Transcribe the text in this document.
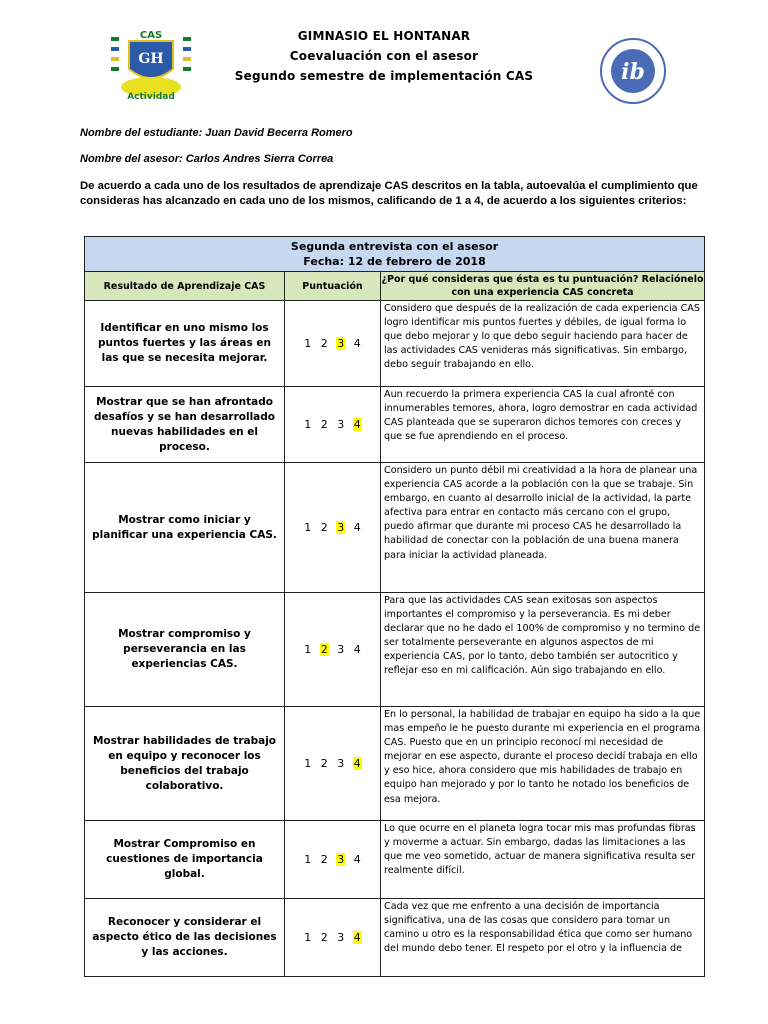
GIMNASIO EL HONTANAR
Coevaluación con el asesor
Segundo semestre de implementación CAS
CAS
GH
Actividad
ib
Nombre del estudiante: Juan David Becerra Romero
Nombre del asesor: Carlos Andres Sierra Correa
De acuerdo a cada uno de los resultados de aprendizaje CAS descritos en la tabla, autoevalúa el cumplimiento que consideras has alcanzado en cada uno de los mismos, calificando de 1 a 4, de acuerdo a los siguientes criterios:
Segunda entrevista con el asesor
Fecha: 12 de febrero de 2018		

Resultado de Aprendizaje CAS	Puntuación	¿Por qué consideras que ésta es tu puntuación? Relaciónelo con una experiencia CAS concreta
Identificar en uno mismo los puntos fuertes y las áreas en las que se necesita mejorar.	1 2 3 4	Considero que después de la realización de cada experiencia CAS logro identificar mis puntos fuertes y débiles, de igual forma lo que debo mejorar y lo que debo seguir haciendo para hacer de las actividades CAS venideras más significativas. Sin embargo, debo seguir trabajando en ello.
Mostrar que se han afrontado desafíos y se han desarrollado nuevas habilidades en el proceso.	1 2 3 4	Aun recuerdo la primera experiencia CAS la cual afronté con innumerables temores, ahora, logro demostrar en cada actividad CAS planteada que se superaron dichos temores con creces y que se fue aprendiendo en el proceso.
Mostrar como iniciar y planificar una experiencia CAS.	1 2 3 4	Considero un punto débil mi creatividad a la hora de planear una experiencia CAS acorde a la población con la que se trabaje. Sin embargo, en cuanto al desarrollo inicial de la actividad, la parte afectiva para entrar en contacto más cercano con el grupo, puedo afirmar que durante mi proceso CAS he desarrollado la habilidad de conectar con la población de una buena manera para iniciar la actividad planeada.
Mostrar compromiso y perseverancia en las experiencias CAS.	1 2 3 4	Para que las actividades CAS sean exitosas son aspectos importantes el compromiso y la perseverancia. Es mi deber declarar que no he dado el 100% de compromiso y no termino de ser totalmente perseverante en algunos aspectos de mi experiencia CAS, por lo tanto, debo también ser autocritico y reflejar eso en mi calificación. Aún sigo trabajando en ello.
Mostrar habilidades de trabajo en equipo y reconocer los beneficios del trabajo colaborativo.	1 2 3 4	En lo personal, la habilidad de trabajar en equipo ha sido a la que mas empeño le he puesto durante mi experiencia en el programa CAS. Puesto que en un principio reconocí mi necesidad de mejorar en ese aspecto, durante el proceso decidí trabaja en ello y eso hice, ahora considero que mis habilidades de trabajo en equipo han mejorado y por lo tanto he notado los beneficios de esa mejora.
Mostrar Compromiso en cuestiones de importancia global.	1 2 3 4	Lo que ocurre en el planeta logra tocar mis mas profundas fibras y moverme a actuar. Sin embargo, dadas las limitaciones a las que me veo sometido, actuar de manera significativa resulta ser realmente difícil.
Reconocer y considerar el aspecto ético de las decisiones y las acciones.	1 2 3 4	Cada vez que me enfrento a una decisión de importancia significativa, una de las cosas que considero para tomar un camino u otro es la responsabilidad ética que como ser humano del mundo debo tener. El respeto por el otro y la influencia de
